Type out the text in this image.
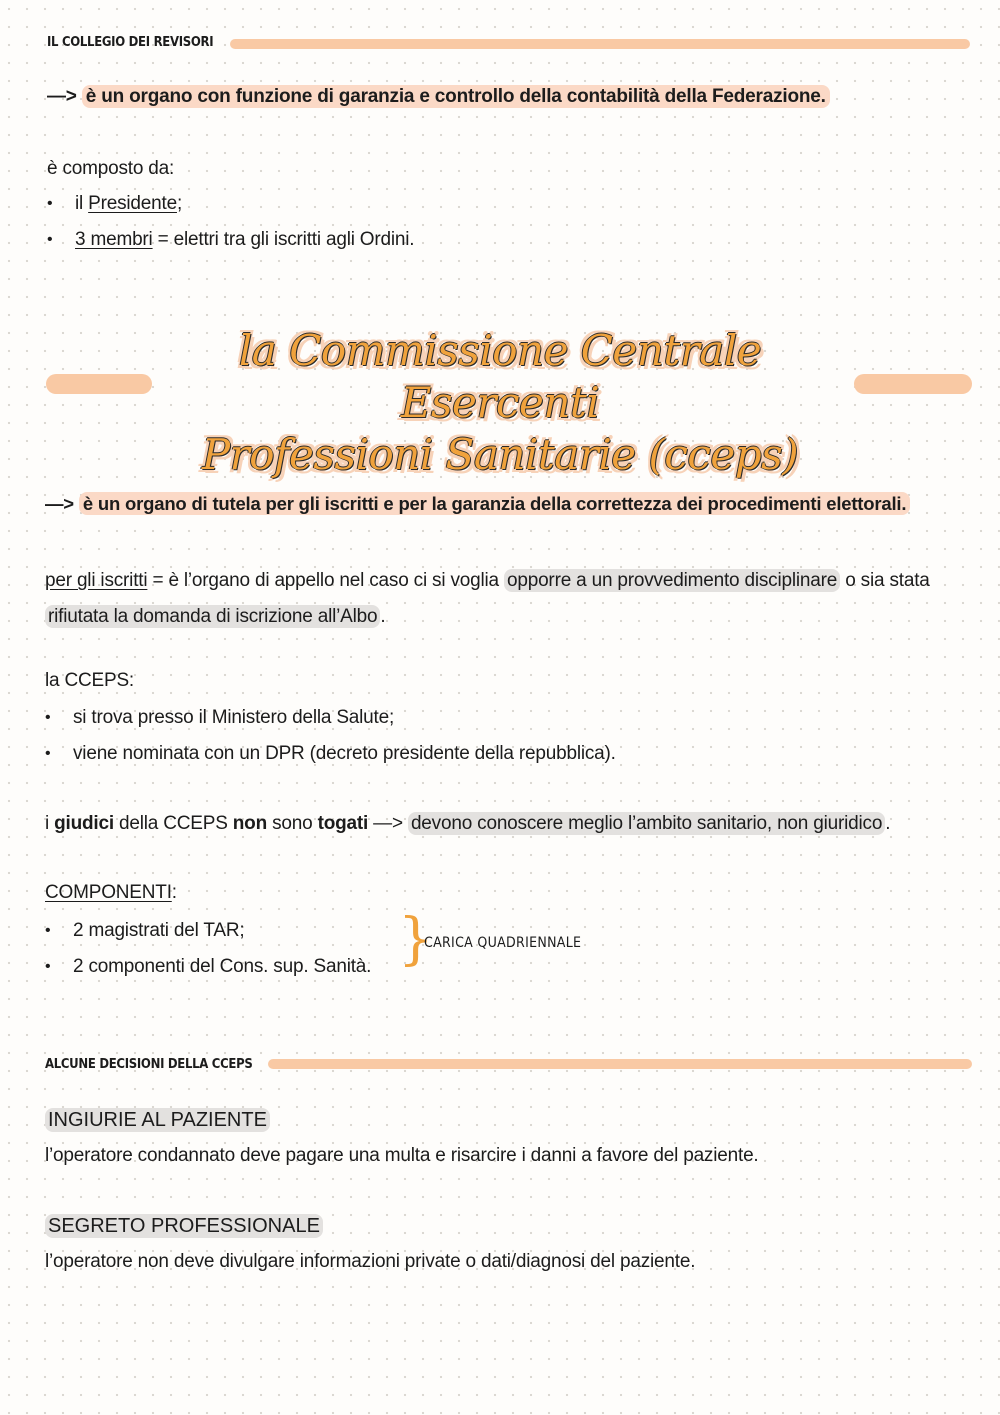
IL COLLEGIO DEI REVISORI
—> è un organo con funzione di garanzia e controllo della contabilità della Federazione.
è composto da:
• il Presidente;
• 3 membri = elettri tra gli iscritti agli Ordini.
la Commissione Centrale Esercenti
Professioni Sanitarie (cceps)
—> è un organo di tutela per gli iscritti e per la garanzia della correttezza dei procedimenti elettorali.
per gli iscritti = è l’organo di appello nel caso ci si voglia opporre a un provvedimento disciplinare o sia stata
rifiutata la domanda di iscrizione all’Albo .
la CCEPS:
• si trova presso il Ministero della Salute;
• viene nominata con un DPR (decreto presidente della repubblica).
i giudici della CCEPS non sono togati —> devono conoscere meglio l’ambito sanitario, non giuridico .
COMPONENTI:
• 2 magistrati del TAR;
• 2 componenti del Cons. sup. Sanità. }
CARICA QUADRIENNALE
ALCUNE DECISIONI DELLA CCEPS
INGIURIE AL PAZIENTE
l’operatore condannato deve pagare una multa e risarcire i danni a favore del paziente.
SEGRETO PROFESSIONALE
l’operatore non deve divulgare informazioni private o dati/diagnosi del paziente.
